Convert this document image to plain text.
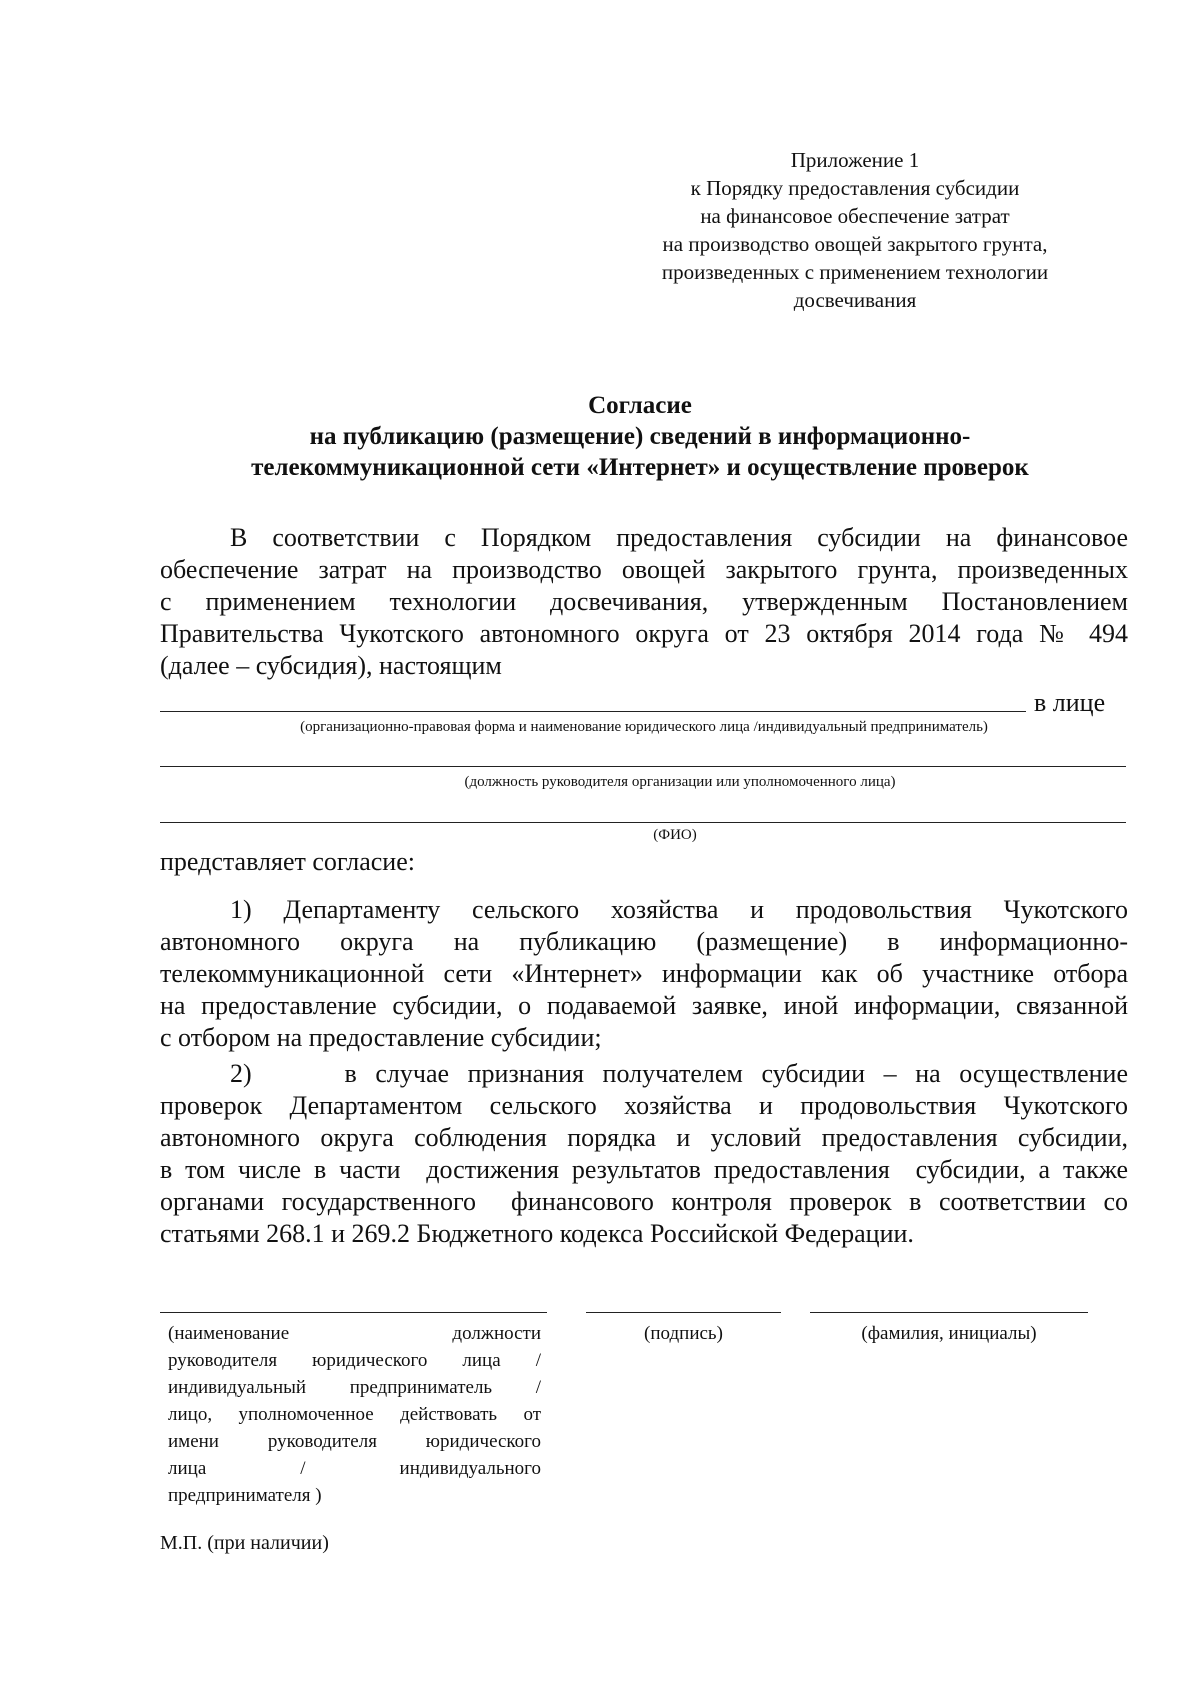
Приложение 1
к Порядку предоставления субсидии
на финансовое обеспечение затрат
на производство овощей закрытого грунта,
произведенных с применением технологии
досвечивания
Согласие
на публикацию (размещение) сведений в информационно-
телекоммуникационной сети «Интернет» и осуществление проверок
В соответствии с Порядком предоставления субсидии на финансовое
обеспечение затрат на производство овощей закрытого грунта, произведенных
с применением технологии досвечивания, утвержденным Постановлением
Правительства Чукотского автономного округа от 23 октября 2014 года № 494
(далее – субсидия), настоящим
в лице
(организационно-правовая форма и наименование юридического лица /индивидуальный предприниматель)
(должность руководителя организации или уполномоченного лица)
(ФИО)
представляет согласие:
1) Департаменту сельского хозяйства и продовольствия Чукотского
автономного округа на публикацию (размещение) в информационно-
телекоммуникационной сети «Интернет» информации как об участнике отбора
на предоставление субсидии, о подаваемой заявке, иной информации, связанной
с отбором на предоставление субсидии;
2)     в случае признания получателем субсидии – на осуществление
проверок Департаментом сельского хозяйства и продовольствия Чукотского
автономного округа соблюдения порядка и условий предоставления субсидии,
в том числе в части  достижения результатов предоставления  субсидии, а также
органами государственного  финансового контроля проверок в соответствии со
статьями 268.1 и 269.2 Бюджетного кодекса Российской Федерации.
(наименование                    должности
руководителя юридического лица /
индивидуальный предприниматель /
лицо, уполномоченное действовать от
имени руководителя юридического
лица           /           индивидуального
предпринимателя )
(подпись)	(фамилия, инициалы)
М.П. (при наличии)
